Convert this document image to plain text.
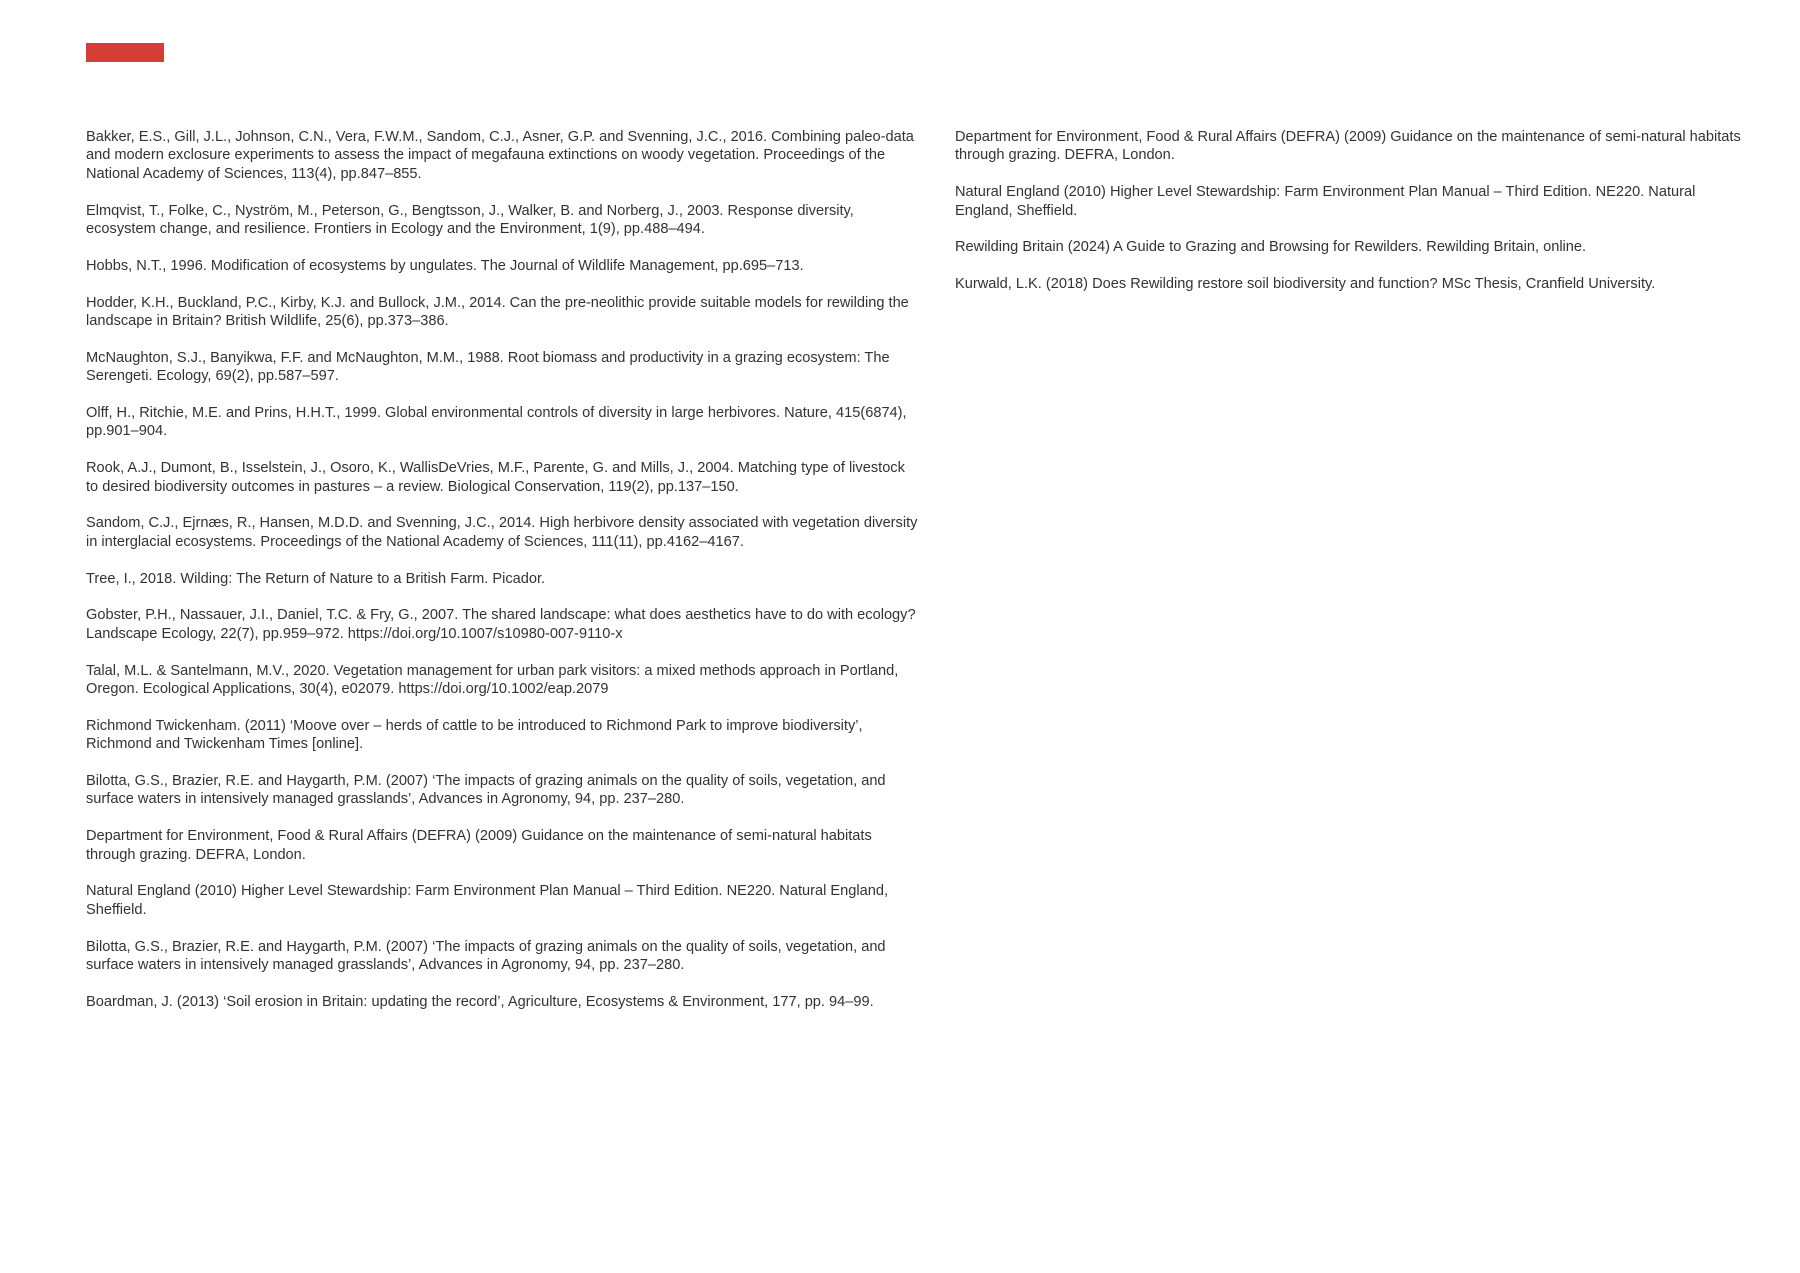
Bakker, E.S., Gill, J.L., Johnson, C.N., Vera, F.W.M., Sandom, C.J., Asner, G.P. and Svenning, J.C., 2016. Combining paleo-data and modern exclosure experiments to assess the impact of megafauna extinctions on woody vegetation. Proceedings of the National Academy of Sciences, 113(4), pp.847–855.
Elmqvist, T., Folke, C., Nyström, M., Peterson, G., Bengtsson, J., Walker, B. and Norberg, J., 2003. Response diversity, ecosystem change, and resilience. Frontiers in Ecology and the Environment, 1(9), pp.488–494.
Hobbs, N.T., 1996. Modification of ecosystems by ungulates. The Journal of Wildlife Management, pp.695–713.
Hodder, K.H., Buckland, P.C., Kirby, K.J. and Bullock, J.M., 2014. Can the pre-neolithic provide suitable models for rewilding the landscape in Britain? British Wildlife, 25(6), pp.373–386.
McNaughton, S.J., Banyikwa, F.F. and McNaughton, M.M., 1988. Root biomass and productivity in a grazing ecosystem: The Serengeti. Ecology, 69(2), pp.587–597.
Olff, H., Ritchie, M.E. and Prins, H.H.T., 1999. Global environmental controls of diversity in large herbivores. Nature, 415(6874), pp.901–904.
Rook, A.J., Dumont, B., Isselstein, J., Osoro, K., WallisDeVries, M.F., Parente, G. and Mills, J., 2004. Matching type of livestock to desired biodiversity outcomes in pastures – a review. Biological Conservation, 119(2), pp.137–150.
Sandom, C.J., Ejrnæs, R., Hansen, M.D.D. and Svenning, J.C., 2014. High herbivore density associated with vegetation diversity in interglacial ecosystems. Proceedings of the National Academy of Sciences, 111(11), pp.4162–4167.
Tree, I., 2018. Wilding: The Return of Nature to a British Farm. Picador.
Gobster, P.H., Nassauer, J.I., Daniel, T.C. & Fry, G., 2007. The shared landscape: what does aesthetics have to do with ecology? Landscape Ecology, 22(7), pp.959–972. https://doi.org/10.1007/s10980-007-9110-x
Talal, M.L. & Santelmann, M.V., 2020. Vegetation management for urban park visitors: a mixed methods approach in Portland, Oregon. Ecological Applications, 30(4), e02079. https://doi.org/10.1002/eap.2079
Richmond Twickenham. (2011) ‘Moove over – herds of cattle to be introduced to Richmond Park to improve biodiversity’, Richmond and Twickenham Times [online].
Bilotta, G.S., Brazier, R.E. and Haygarth, P.M. (2007) ‘The impacts of grazing animals on the quality of soils, vegetation, and surface waters in intensively managed grasslands’, Advances in Agronomy, 94, pp. 237–280.
Department for Environment, Food & Rural Affairs (DEFRA) (2009) Guidance on the maintenance of semi-natural habitats through grazing. DEFRA, London.
Natural England (2010) Higher Level Stewardship: Farm Environment Plan Manual – Third Edition. NE220. Natural England, Sheffield.
Bilotta, G.S., Brazier, R.E. and Haygarth, P.M. (2007) ‘The impacts of grazing animals on the quality of soils, vegetation, and surface waters in intensively managed grasslands’, Advances in Agronomy, 94, pp. 237–280.
Boardman, J. (2013) ‘Soil erosion in Britain: updating the record’, Agriculture, Ecosystems & Environment, 177, pp. 94–99.
Department for Environment, Food & Rural Affairs (DEFRA) (2009) Guidance on the maintenance of semi-natural habitats through grazing. DEFRA, London.
Natural England (2010) Higher Level Stewardship: Farm Environment Plan Manual – Third Edition. NE220. Natural England, Sheffield.
Rewilding Britain (2024) A Guide to Grazing and Browsing for Rewilders. Rewilding Britain, online.
Kurwald, L.K. (2018) Does Rewilding restore soil biodiversity and function? MSc Thesis, Cranfield University.
